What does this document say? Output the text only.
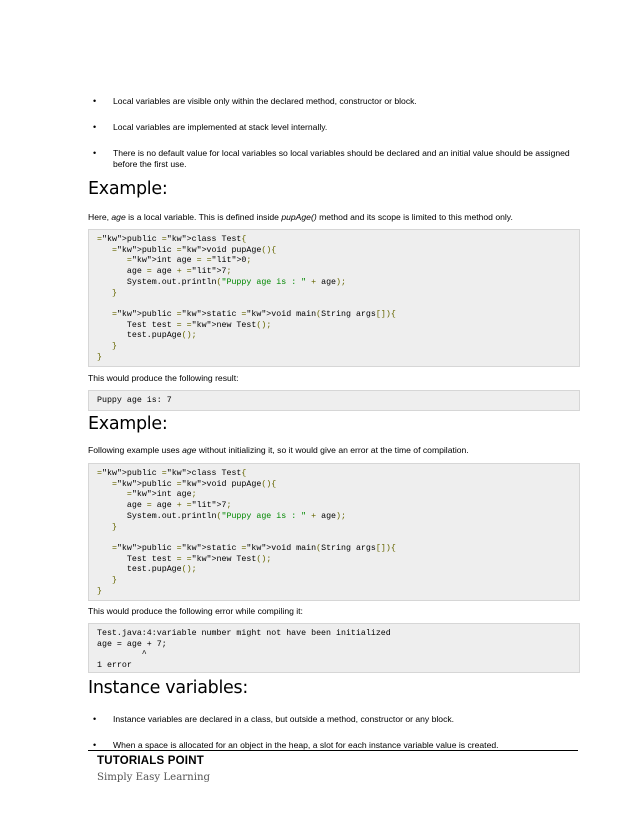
• Local variables are visible only within the declared method, constructor or block.
• Local variables are implemented at stack level internally.
• There is no default value for local variables so local variables should be declared and an initial value should be assigned before the first use.
Example:

Here, age is a local variable. This is defined inside pupAge() method and its scope is limited to this method only.

="kw">public ="kw">class Test{
="kw">public ="kw">void pupAge(){
="kw">int age = ="lit">0;
age = age + ="lit">7;
System.out.println("Puppy age is : " + age);
}

="kw">public ="kw">static ="kw">void main(String args[]){
Test test = ="kw">new Test();
test.pupAge();
}
}

This would produce the following result:

Puppy age is: 7
Example:

Following example uses age without initializing it, so it would give an error at the time of compilation.

="kw">public ="kw">class Test{
="kw">public ="kw">void pupAge(){
="kw">int age;
age = age + ="lit">7;
System.out.println("Puppy age is : " + age);
}

="kw">public ="kw">static ="kw">void main(String args[]){
Test test = ="kw">new Test();
test.pupAge();
}
}

This would produce the following error while compiling it:

Test.java:4:variable number might not have been initialized
age = age + 7;
^
1 error
Instance variables:
• Instance variables are declared in a class, but outside a method, constructor or any block.
• When a space is allocated for an object in the heap, a slot for each instance variable value is created.
TUTORIALS POINT
Simply Easy Learning
